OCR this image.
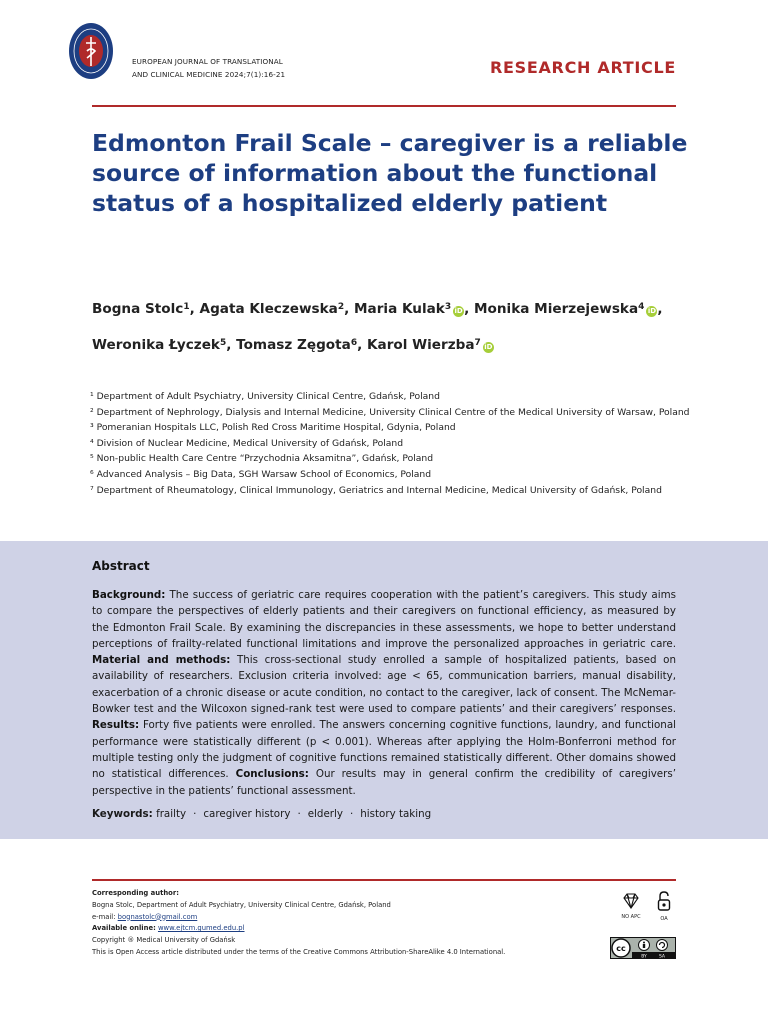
EUROPEAN JOURNAL OF TRANSLATIONAL
AND CLINICAL MEDICINE 2024;7(1):16-21	RESEARCH ARTICLE
Edmonton Frail Scale – caregiver is a reliable source of information about the functional status of a hospitalized elderly patient
Bogna Stolc$^1$, Agata Kleczewska$^2$, Maria Kulak$^3$ iD, Monika Mierzejewska$^4$ iD, Weronika Łyczek$^5$, Tomasz Zęgota$^6$, Karol Wierzba$^7$ iD
¹ Department of Adult Psychiatry, University Clinical Centre, Gdańsk, Poland
² Department of Nephrology, Dialysis and Internal Medicine, University Clinical Centre of the Medical University of Warsaw, Poland
³ Pomeranian Hospitals LLC, Polish Red Cross Maritime Hospital, Gdynia, Poland
⁴ Division of Nuclear Medicine, Medical University of Gdańsk, Poland
⁵ Non-public Health Care Centre “Przychodnia Aksamitna”, Gdańsk, Poland
⁶ Advanced Analysis – Big Data, SGH Warsaw School of Economics, Poland
⁷ Department of Rheumatology, Clinical Immunology, Geriatrics and Internal Medicine, Medical University of Gdańsk, Poland
Abstract
Background: The success of geriatric care requires cooperation with the patient’s caregivers. This study aims to compare the perspectives of elderly patients and their caregivers on functional efficiency, as measured by the Edmonton Frail Scale. By examining the discrepancies in these assessments, we hope to better understand perceptions of frailty-related functional limitations and improve the personalized approaches in geriatric care. Material and methods: This cross-sectional study enrolled a sample of hospitalized patients, based on availability of researchers. Exclusion criteria involved: age < 65, communication barriers, manual disability, exacerbation of a chronic disease or acute condition, no contact to the caregiver, lack of consent. The McNemar-Bowker test and the Wilcoxon signed-rank test were used to compare patients’ and their caregivers’ responses. Results: Forty five patients were enrolled. The answers concerning cognitive functions, laundry, and functional performance were statistically different (p < 0.001). Whereas after applying the Holm-Bonferroni method for multiple testing only the judgment of cognitive functions remained statistically different. Other domains showed no statistical differences. Conclusions: Our results may in general confirm the credibility of caregivers’ perspective in the patients’ functional assessment.
Keywords: frailty · caregiver history · elderly · history taking
Corresponding author:
Bogna Stolc, Department of Adult Psychiatry, University Clinical Centre, Gdańsk, Poland
e-mail: bognastolc@gmail.com
Available online: www.ejtcm.gumed.edu.pl
Copyright ® Medical University of Gdańsk
This is Open Access article distributed under the terms of the Creative Commons Attribution-ShareAlike 4.0 International.
NO APC	OA
cc
BY	SA
